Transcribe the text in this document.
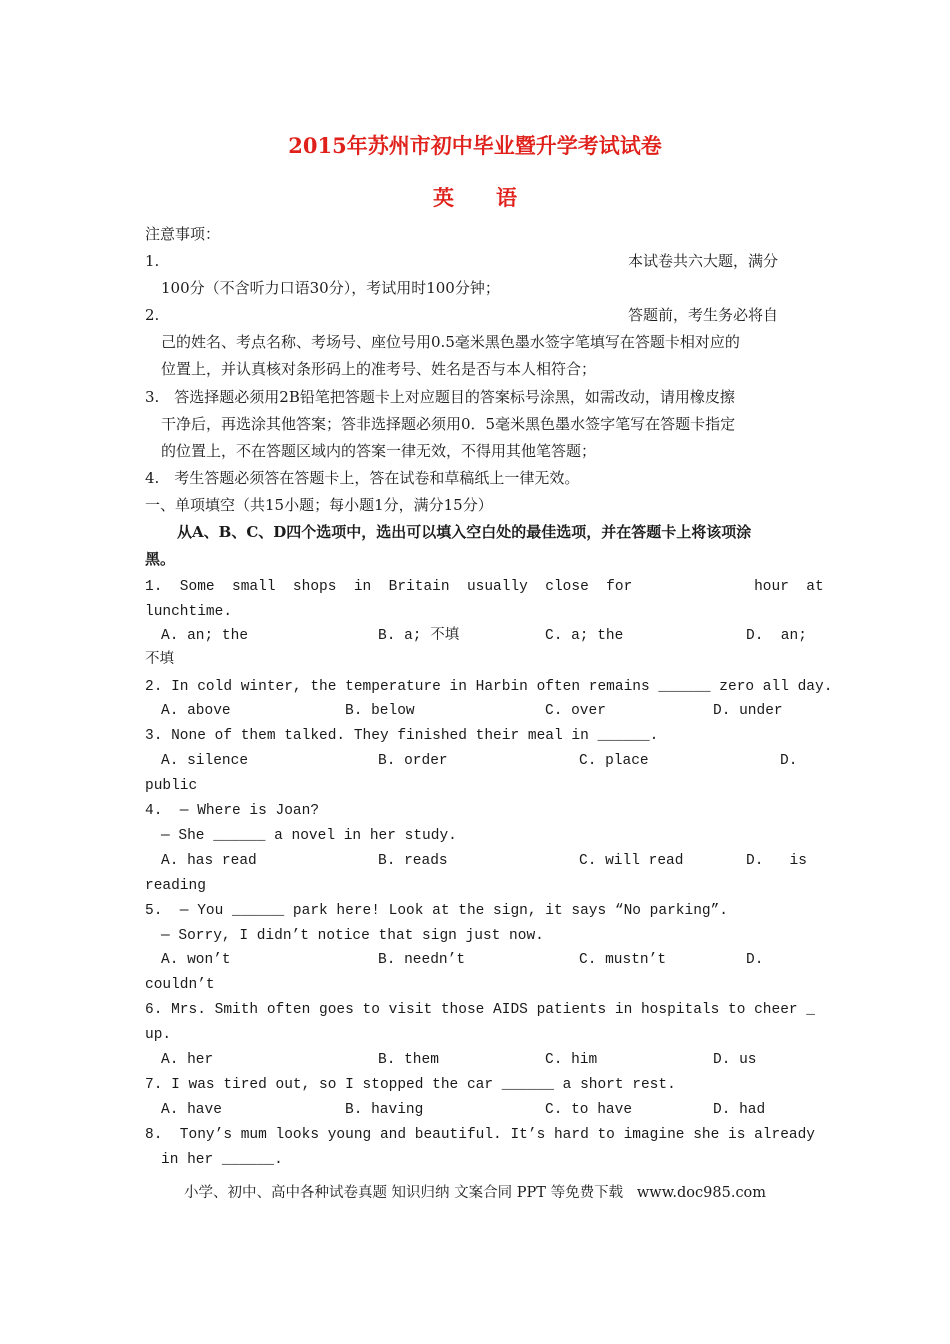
2015年苏州市初中毕业暨升学考试试卷
英　　语
注意事项：
1.	本试卷共六大题，满分
100分（不含听力口语30分），考试用时100分钟；
2.	答题前，考生务必将自
己的姓名、考点名称、考场号、座位号用0.5毫米黑色墨水签字笔填写在答题卡相对应的
位置上，并认真核对条形码上的准考号、姓名是否与本人相符合；
3.　答选择题必须用2B铅笔把答题卡上对应题目的答案标号涂黑，如需改动，请用橡皮擦
干净后，再选涂其他答案；答非选择题必须用0．5毫米黑色墨水签字笔写在答题卡指定
的位置上，不在答题区域内的答案一律无效，不得用其他笔答题；
4.　考生答题必须答在答题卡上，答在试卷和草稿纸上一律无效。
一、单项填空（共15小题；每小题1分，满分15分）
从A、B、C、D四个选项中，选出可以填入空白处的最佳选项，并在答题卡上将该项涂
黑。
1.  Some  small  shops  in  Britain  usually  close  for              hour  at
lunchtime.
A. an; the	B. a; 不填	C. a; the	D.  an;
不填
2. In cold winter, the temperature in Harbin often remains ______ zero all day.
A. above	B. below	C. over	D. under
3. None of them talked. They finished their meal in ______.
A. silence	B. order	C. place	D.
public
4.  — Where is Joan?
— She ______ a novel in her study.
A. has read	B. reads	C. will read	D.   is
reading
5.  — You ______ park here! Look at the sign, it says “No parking”.
— Sorry, I didn’t notice that sign just now.
A. won’t	B. needn’t	C. mustn’t	D.
couldn’t
6. Mrs. Smith often goes to visit those AIDS patients in hospitals to cheer _
up.
A. her	B. them	C. him	D. us
7. I was tired out, so I stopped the car ______ a short rest.
A. have	B. having	C. to have	D. had
8.  Tony’s mum looks young and beautiful. It’s hard to imagine she is already
in her ______.
小学、初中、高中各种试卷真题 知识归纳 文案合同 PPT 等免费下载   www.doc985.com
